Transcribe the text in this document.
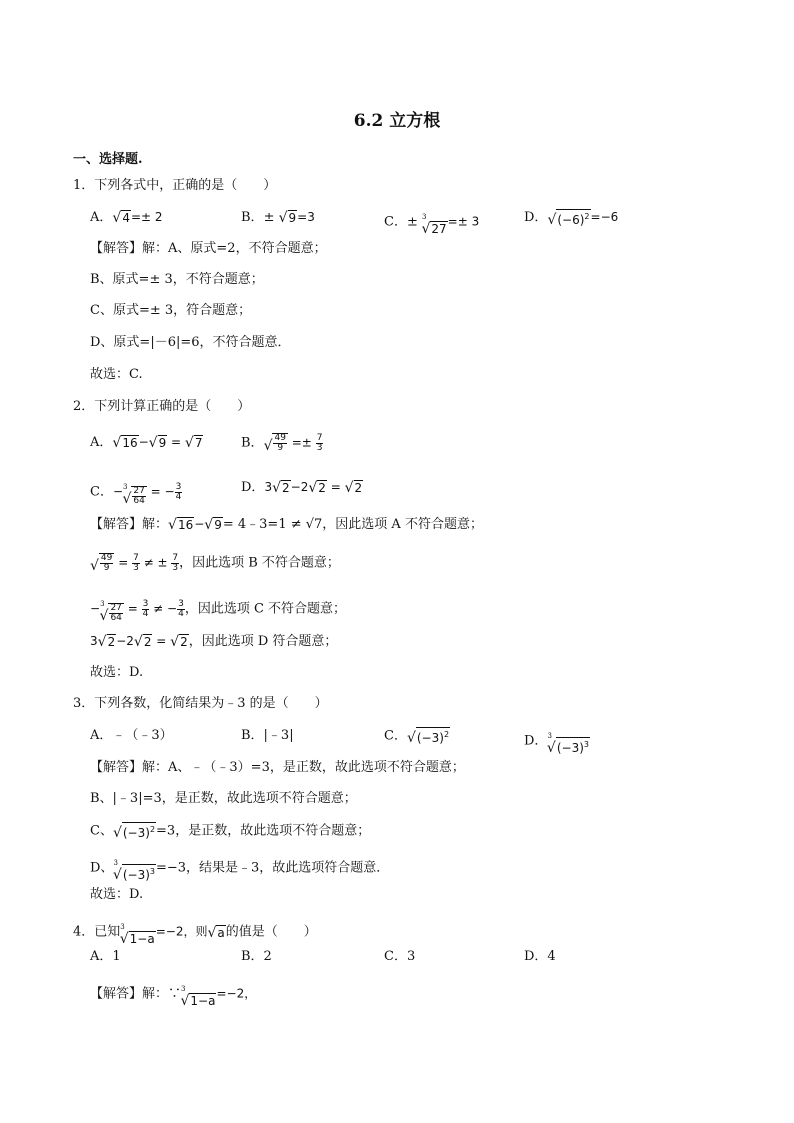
6.2 立方根
一、选择题.
1．下列各式中，正确的是（　　）
A． √ 4 =± 2	B．± √ 9 =3	C．± 3
√ 27
=± 3	D． √ $(-6)^2 =-6$
【解答】解：A、原式=2，不符合题意；
B、原式=± 3，不符合题意；
C、原式=± 3，符合题意；
D、原式=|－6|=6，不符合题意．
故选：C.
2．下列计算正确的是（　　）
A． √ 16 − √ 9 = √ 7	B． √ $\frac{49}{9} =\pm \frac{7}{3}$
C．− 3
√ $\frac{27}{64}$ = − $\frac{3}{4}$	D．3 √ 2 −2 √ 2 = √ 2
【解答】解： √ 16 − √ 9 = 4﹣3=1 ≠ √7，因此选项 A 不符合题意；
√ $\frac{49}{9} = \frac{7}{3}$ ≠ ± $\frac{7}{3}$ ，因此选项 B 不符合题意；
− 3
√ $\frac{27}{64} = \frac{3}{4}$ ≠ − $\frac{3}{4}$ ，因此选项 C 不符合题意；
3 √ 2 −2 √ 2 = √ 2 ，因此选项 D 符合题意；
故选：D.
3．下列各数，化简结果为﹣3 的是（　　）
A．﹣（﹣3）	B．|﹣3|	C． √ $(-3)^2$	D． 3
√ $(-3)^3$
【解答】解：A、﹣（﹣3）=3，是正数，故此选项不符合题意；
B、|﹣3|=3，是正数，故此选项不符合题意；
C、 √ $(-3)^2 =3$，是正数，故此选项不符合题意；
D、 3
√ $(-3)^3 =-3$，结果是﹣3，故此选项符合题意．
故选：D.
4．已知 3
√ 1−a
=−2，则 √ a 的值是（　　）
A．1	B．2	C．3	D．4
【解答】解：∵ 3
√ 1−a
=−2，
